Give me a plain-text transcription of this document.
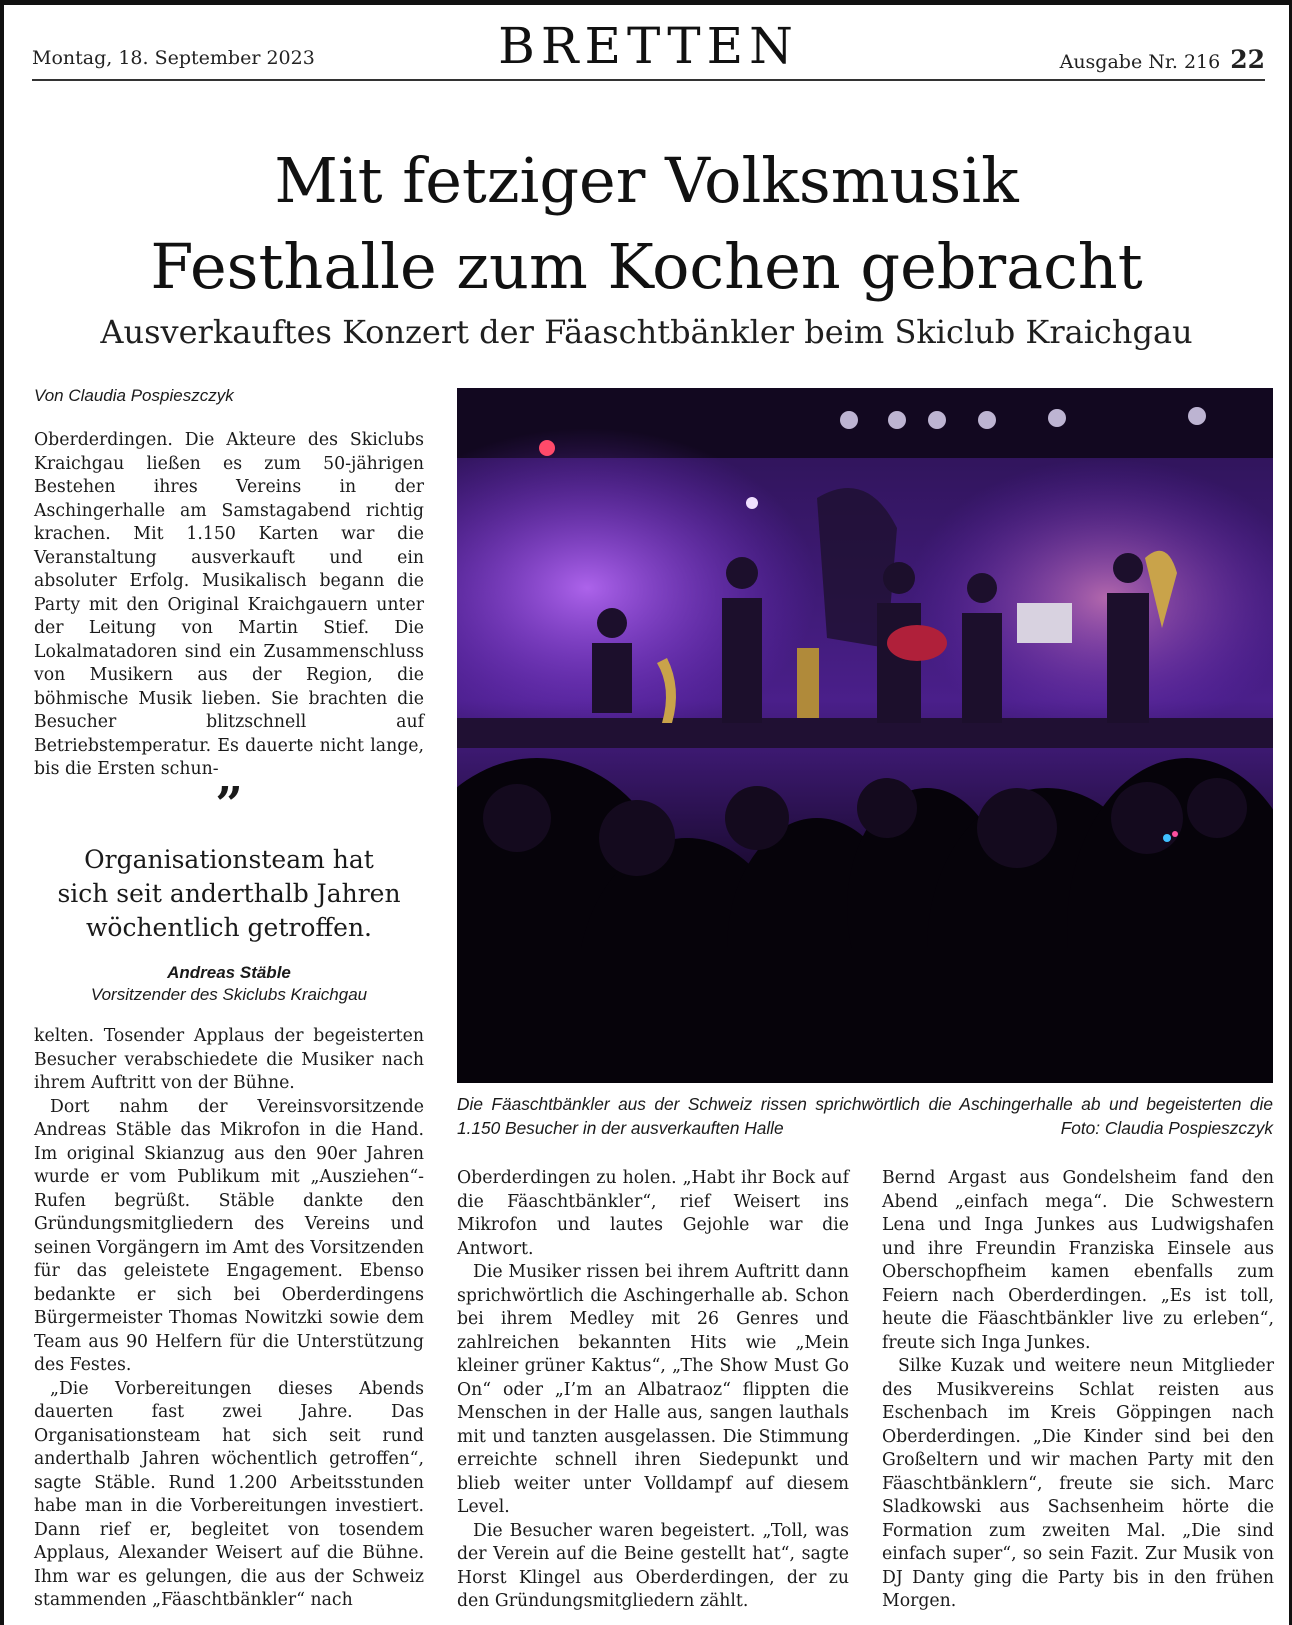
Montag, 18. September 2023	BRETTEN	Ausgabe Nr. 216 22
Mit fetziger Volksmusik
Festhalle zum Kochen gebracht
Ausverkauftes Konzert der Fäaschtbänkler beim Skiclub Kraichgau
Von Claudia Pospieszczyk

Oberderdingen. Die Akteure des Skiclubs Kraichgau ließen es zum 50-jährigen Bestehen ihres Vereins in der Aschingerhalle am Samstagabend richtig krachen. Mit 1.150 Karten war die Veranstaltung ausverkauft und ein absoluter Erfolg. Musikalisch begann die Party mit den Original Kraichgauern unter der Leitung von Martin Stief. Die Lokalmatadoren sind ein Zusammenschluss von Musikern aus der Region, die böhmische Musik lieben. Sie brachten die Besucher blitzschnell auf Betriebstemperatur. Es dauerte nicht lange, bis die Ersten schun-

”
Organisationsteam hat
sich seit anderthalb Jahren
wöchentlich getroffen.
Andreas Stäble
Vorsitzender des Skiclubs Kraichgau

kelten. Tosender Applaus der begeisterten Besucher verabschiedete die Musiker nach ihrem Auftritt von der Bühne.

Dort nahm der Vereinsvorsitzende Andreas Stäble das Mikrofon in die Hand. Im original Skianzug aus den 90er Jahren wurde er vom Publikum mit „Ausziehen“-Rufen begrüßt. Stäble dankte den Gründungsmitgliedern des Vereins und seinen Vorgängern im Amt des Vorsitzenden für das geleistete Engagement. Ebenso bedankte er sich bei Oberderdingens Bürgermeister Thomas Nowitzki sowie dem Team aus 90 Helfern für die Unterstützung des Festes.

„Die Vorbereitungen dieses Abends dauerten fast zwei Jahre. Das Organisationsteam hat sich seit rund anderthalb Jahren wöchentlich getroffen“, sagte Stäble. Rund 1.200 Arbeitsstunden habe man in die Vorbereitungen investiert. Dann rief er, begleitet von tosendem Applaus, Alexander Weisert auf die Bühne. Ihm war es gelungen, die aus der Schweiz stammenden „Fäaschtbänkler“ nach

Die Fäaschtbänkler aus der Schweiz rissen sprichwörtlich die Aschingerhalle ab und begeisterten die 1.150 Besucher in der ausverkauften Halle	Foto: Claudia Pospieszczyk

Oberderdingen zu holen. „Habt ihr Bock auf die Fäaschtbänkler“, rief Weisert ins Mikrofon und lautes Gejohle war die Antwort.

Die Musiker rissen bei ihrem Auftritt dann sprichwörtlich die Aschingerhalle ab. Schon bei ihrem Medley mit 26 Genres und zahlreichen bekannten Hits wie „Mein kleiner grüner Kaktus“, „The Show Must Go On“ oder „I’m an Albatraoz“ flippten die Menschen in der Halle aus, sangen lauthals mit und tanzten ausgelassen. Die Stimmung erreichte schnell ihren Siedepunkt und blieb weiter unter Volldampf auf diesem Level.

Die Besucher waren begeistert. „Toll, was der Verein auf die Beine gestellt hat“, sagte Horst Klingel aus Oberderdingen, der zu den Gründungsmitgliedern zählt.

Bernd Argast aus Gondelsheim fand den Abend „einfach mega“. Die Schwestern Lena und Inga Junkes aus Ludwigshafen und ihre Freundin Franziska Einsele aus Oberschopfheim kamen ebenfalls zum Feiern nach Oberderdingen. „Es ist toll, heute die Fäaschtbänkler live zu erleben“, freute sich Inga Junkes.

Silke Kuzak und weitere neun Mitglieder des Musikvereins Schlat reisten aus Eschenbach im Kreis Göppingen nach Oberderdingen. „Die Kinder sind bei den Großeltern und wir machen Party mit den Fäaschtbänklern“, freute sie sich. Marc Sladkowski aus Sachsenheim hörte die Formation zum zweiten Mal. „Die sind einfach super“, so sein Fazit. Zur Musik von DJ Danty ging die Party bis in den frühen Morgen.
